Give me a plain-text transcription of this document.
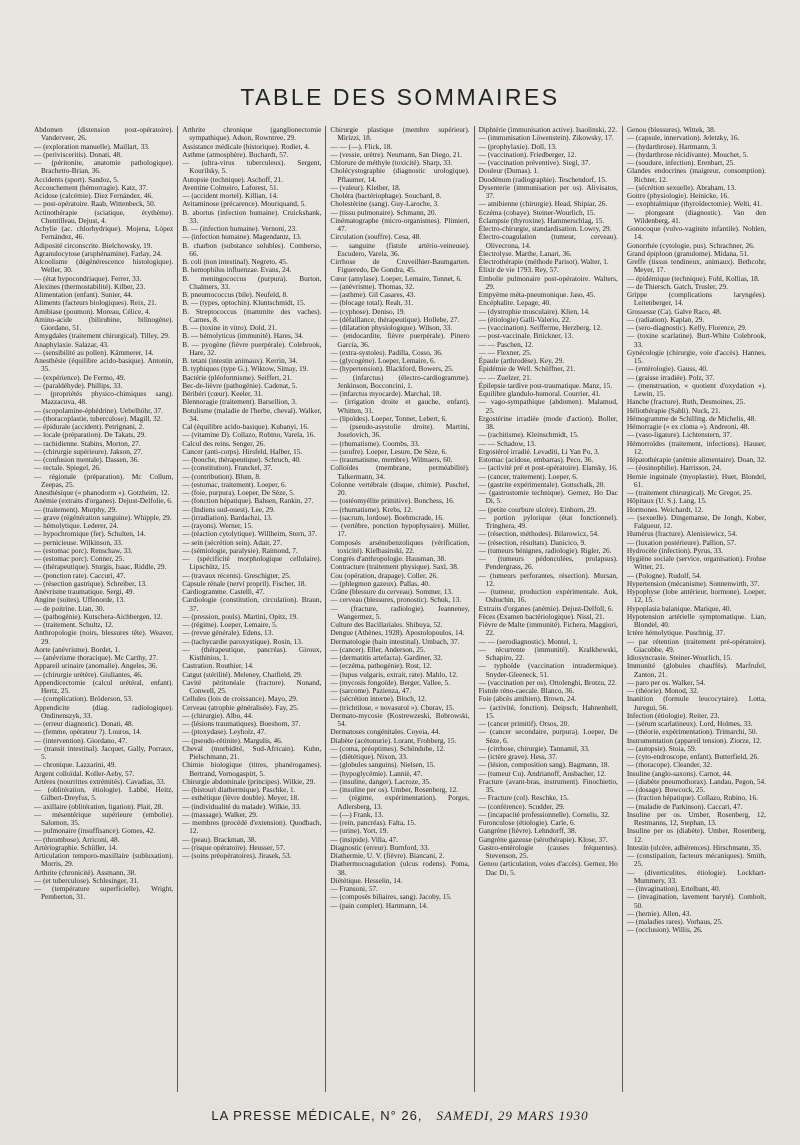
TABLE DES SOMMAIRES
Abdomen (distension post-opératoire). Vanderveer, 26.
— (exploration manuelle). Maillart, 33.
— (perivisceritis). Donati, 48.
— (péritonite, anatomie pathologique). Brachetto-Brian, 36.
Accidents (sport). Sandoz, 5.
Accouchement (hémorragie). Katz, 37.
Acidose (calcémie). Díez Fernández, 46.
— post-opératoire. Raab, Wittenbeck, 50.
Actinothérapie (sciatique, érythème). Chentilleau, Dejust, 4.
Achylie (ac. chlorhydrique). Mojena, López Fernández, 46.
Adiposité circonscrite. Bielchowsky, 19.
Agranulocytose (arsphénamine). Farlay, 24.
Alcoolisme (dégénérescence histologique). Weller, 30.
— (état hypocondriaque). Ferrer, 33.
Alexines (thermostabilité). Kilber, 23.
Alimentation (enfant). Sunier, 44.
Aliments (facteurs biologiques). Reix, 21.
Amibiase (poumon). Moreau, Célice, 4.
Amino-acide (bilirubine, bilinogène). Giordano, 51.
Amygdales (traitement chirurgical). Tilley, 29.
Anaphylaxie. Salazar, 43.
— (sensibilité au pollen). Kämmerer, 14.
Anesthésie (équilibre acido-basique). Antonin, 35.
— (expérience). De Fermo, 49.
— (paraldéhyde). Phillips, 33.
— (propriétés physico-chimiques sang). Mazzacuva, 48.
— (scopolamine-éphédrine). Uebelhöhr, 37.
— (thoracoplastie, tuberculose). Magill, 32.
— épidurale (accident). Petrignani, 2.
— locale (préparation). De Takats, 29.
— rachidienne. Stabins, Morton, 27.
— (chirurgie supérieure). Jakson, 27.
— (confusion mentale). Dassen, 36.
— rectale. Spiegel, 26.
— régionale (préparation). Mc Collum, Zeepas, 25.
Anesthésique (« phanodorm »). Gotzheim, 12.
Anémie (extraits d'organes). Dejust-Delfolie, 6.
— (traitement). Murphy, 29.
— grave (régénération sanguine). Whipple, 29.
— hémolytique. Lederer, 24.
— hypochromique (fer). Schulten, 14.
— pernicieuse. Wilkinson, 33.
— (estomac porc). Renschaw, 33.
— (estomac porc). Conner, 25.
— (thérapeutique). Sturgis, Isaac, Riddle, 29.
— (ponction rate). Caccuri, 47.
— (résection gastrique). Schreiber, 13.
Anévrisme traumatique. Sergi, 49.
Angine (suites). Uffenorde, 13.
— de poitrine. Lian, 30.
— (pathogénie). Kutschera-Aichbergen, 12.
— (traitement. Schultz, 12.
Anthropologie (noirs, blessures tête). Weaver, 29.
Aorte (anévrisme). Bordet, 1.
— (anévrisme thoracique). Mc Carthy, 27.
Appareil urinaire (anomalie). Angeles, 36.
— (chirurgie urétère). Giuliantes, 46.
Appendicectomie (calcul urétéral, enfant). Hertz, 25.
— (complication). Bröderson, 53.
Appendicite (diag. radiologique). Ondinenszyk, 33.
— (erreur diagnostic). Donati, 48.
— (femme, opérateur ?). Louros, 14.
— (intervention). Giordano, 47.
— (transit intestinal). Jacquet, Gally, Porraux, 5.
— chronique. Lazzarini, 49.
Argent colloïdal. Koller-Aeby, 57.
Artères (nourrittes extrémités). Cavadias, 33.
— (oblitération, étiologie). Labbé, Heitz, Gilbert-Dreyfus, 5.
— axillaire (oblitération, ligation). Plait, 28.
— mésentérique supérieure (embolie). Salomon, 35.
— pulmonaire (insuffisance). Gomes, 42.
— (thrombose). Arriconi, 48.
Artériographie. Schüller, 14.
Articulation temporo-maxillaire (subluxation). Morris, 29.
Arthrite (chronicité). Assmann, 38.
— (et tuberculose). Schlesinger, 31.
— (température superficielle). Wright, Pemberton, 31.
Arthrite chronique (ganglionectomie sympathique). Adson, Rowntree, 29.
Assistance médicale (historique). Rodiet, 4.
Asthme (atmosphère). Buchardt, 57.
— (ultra-virus tuberculeux). Sergent, Kourilsky, 5.
Autopsie (technique). Aschoff, 21.
Aventine Colmeiro, Laforest, 51.
— (accident mortel). Killian, 14.
Avitaminose (précarence). Mouriquand, 5.
B. abortus (infection humaine). Cruickshank, 33.
B. — (infection humaine). Vernoni, 23.
— (infection humaine). Magendantz, 13.
B. charbon (substance solubles). Comberso, 66.
B. coli (non intestinal). Negreto, 45.
B. hemophilus influenzae. Evans, 24.
B. meningococcus (purpura). Burton, Chalmers, 33.
B. pneumococcus (bile). Neufeld, 8.
B. — (types, optochin). Kluntschmidt, 15.
B. Streptococcus (mammite des vaches). Carnes, 8.
B. — (toxine in vitro). Dold, 21.
B. — hémolyticus (immunité). Hares, 34.
B. — pyogène (fièvre puerpérale). Colebrook, Hare, 32.
B. tetani (intestin animaux). Kerrin, 34.
B. typhiques (type G.). Wiktow, Simay, 19.
Bactérie (pléoformisme). Seiffert, 21.
Bec-de-lièvre (pathogénie). Cadenat, 5.
Béribéri (cœur). Keeler, 31.
Blennoragie (traitement). Barsellion, 3.
Botulisme (maladie de l'herbe, cheval). Walker, 34.
Cal (équilibre acido-basique). Kubanyi, 16.
— (vitamine D). Collazo, Rubino, Varela, 16.
Calcul des reins. Senger, 26.
Cancer (anti-corps). Hirsfeld, Halber, 15.
— (bouche, thérapeutique). Schruch, 40.
— (constitution). Franckel, 37.
— (contribution). Blum, 8.
— (estomac, traitement). Loeper, 6.
— (foie, purpura). Loeper, De Sèze, 5.
— (fonction hépatique). Bahsen, Rankin, 27.
— (Indiens sud-ouest). Lee, 29.
— (irradiation). Bardachzi, 13.
— (rayons). Werner, 15.
— (réaction cytolytique). Willheim, Stern, 37.
— sein (sécrétion sein). Adair, 27.
— (sémiologie, paralysie). Raimond, 7.
— (spécificité morphologique cellulaire). Lipschütz, 15.
— (travaux récents). Greschigter, 25.
Capsule rénale (nerví propril). Fischer, 18.
Cardiogramme. Castelli, 47.
Cardiologie (constitution, circulation). Braun, 37.
— (pression, pouls). Martini, Opitz, 19.
— (régime). Loeper, Lemaire, 5.
— (revue générale). Edens, 13.
— (tachycardie paroxystique). Rosin, 13.
— (thérapeutique, pancréas). Giroux, Kisthinios, 1.
Castration. Routhier, 14.
Catgut (stérilité). Meleney, Chatfield, 29.
Cavité péritonéale (fracture). Nonand, Conwell, 25.
Cellules (lois de croissance). Mayo, 29.
Cerveau (atrophie généralisée). Fay, 25.
— (chirurgie). Albo, 44.
— (lésions traumatiques). Boeshorn, 37.
— (ptoxydase). Leyholz, 47.
— (pseudo-rétinite). Margulis, 46.
Cheval (morbidité, Sud-Africain). Kuhn, Pielschmann, 21.
Chimie biologique (titres, phanérogames). Bertrand, Vornogaspirt, 5.
Chirurgie abdominale (principes). Wilkie, 29.
— (bistouri diathermique). Paschke, 1.
— esthétique (lèvre double). Meyer, 18.
— (individualité du malade). Wilkie, 33.
— (massage). Walker, 29.
— membres (procédé d'extension). Quodbach, 12.
— (peau). Brackman, 38.
— (risque opératoire). Heusser, 57.
— (soins préopératoires). Jirasek, 53.
Chirurgie plastique (membre supérieur). Mirizzi, 18.
— — (—). Flick, 18.
— (vessie, urètre). Neumann, San Diego, 21.
Chlorure de méthyle (toxicité). Sharp, 33.
Cholécystographie (diagnostic urologique). Pflaumer, 14.
— (valeur). Kleiber, 18.
Choléra (bactériophage). Souchard, 8.
Cholestérine (sang). Guy-Laroche, 3.
— (tissu pulmonaire). Schmann, 20.
Cinématographe (micro-organismes). Plimieri, 47.
Circulation (souffre). Cesa, 48.
— sanguine (fistule artério-veineuse). Escudero, Varela, 36.
Cirrhose de Cruveilhier-Baumgarten. Figueredo, De Gondra, 45.
Cœur (amylase). Loeper, Lemaire, Tonnet, 6.
— (anévrisme). Thomas, 32.
— (asthme). Gil Casares, 43.
— (blocage total). Reah, 31.
— (cyphose). Deniso, 19.
— (défaillance, thérapeutique). Hollebe, 27.
— (dilatation physiologique). Wilson, 33.
— (endocardite, fièvre puerpérale). Pinero García, 36.
— (extra-systoles). Padilla, Cosso, 36.
— (glycogène). Loeper, Lemaire, 6.
— (hypertension). Blackford, Bowers, 25.
— (infarctus) (électro-cardiogramme). Jenkinson, Bocconcini, 1.
— (infarctus myocarde). Marchal, 18.
— (irrigation droite et gauche, enfant). Whitten, 31.
— (lipoïdes). Loeper, Tonnet, Lebert, 6.
— (pseudo-asystolie droite). Martini, Joselovich, 36.
— (rhumatisme). Coombs, 33.
— (soufre). Loeper, Lesure, De Sèze, 6.
— (traumatisme, membre). Wilmaers, 60.
Colloïdes (membrane, perméabilité). Talkermann, 34.
Colonne vertébrale (disque, chimie). Puschel, 20.
— (ostéomyélite primitive). Bonchess, 16.
— (rhumatisme). Krebs, 12.
— (sacrum, lordose). Boehmcrade, 16.
— (vertèbre, ponction hypophysaire). Müller, 17.
Composés arsénobenzoliques (vérification, toxicité). Kielbasinski, 22.
Congrès d'anthropologie. Hausman, 38.
Contracture (traitement physique). Saxl, 38.
Cou (opération, drapage). Coller, 26.
— (phlegmon gazeux). Pallas, 40.
Crâne (blessure du cerveau). Sommer, 13.
— cerveau (blessures, pronostic). Schuk, 13.
— (fracture, radiologie). Jeanneney, Wangermez, 5.
Culture des Bacillariales. Shibuya, 52.
Dengue (Athènes, 1928). Apostolopoulos, 14.
Dermatologie (bain intestinal). Umbach, 37.
— (cancer). Eller, Anderson, 25.
— (dermatitis artefacta). Gardiner, 32.
— (eczéma, pathogénie). Rost, 12.
— (lupus vulgaris, extrait, rate). Mahlo, 12.
— (mycosis fongoïde). Berger, Vallee, 5.
— (sarcome). Pazienza, 47.
— (sécrétion interne). Bloch, 12.
— (trichtilose, « novasurol »). Churav, 15.
Dermato-mycosie (Kostrewzeski, Bobrowski, 54.
Dermatoses congénitales. Coyeia, 44.
Diabète (acétonurie). Lorant, Frohberg, 15.
— (coma, préoptimes). Schöndube, 12.
— (diététique). Nixon, 33.
— (globules sanguins). Nielsen, 15.
— (hypoglycémie). Lanniè, 47.
— (insuline, danger). Lacroze, 35.
— (insuline per os). Umber, Rosenberg, 12.
— (régime, expérimentation). Porges, Adlersberg, 13.
— (—) Frank, 13.
— (rein, pancréas). Falta, 15.
— (urine). Yort, 19.
— (insipide). Villa, 47.
Diagnostic (erreur). Burnford, 33.
Diathermie, U. V. (fièvre). Biancani, 2.
Diathermocoagulation (ulcus rodens). Poma, 38.
Diététique. Hesselin, 14.
— Fransoni, 57.
— (composés biliaires, sang). Jacoby, 15.
— (pain complet). Hartmann, 14.
Diphtérie (immunisation active). Isaolinski, 22.
— (immunisation Löwenstein). Zikowsky, 17.
— (prophylaxie). Doll, 13.
— (vaccination). Friedberger, 12.
— (vaccination préventive). Siegl, 37.
Douleur (Dumas). 1.
Duodénum (radiographie). Teschendorf, 15.
Dysenterie (immunisation per os). Alivisatos, 37.
— amibienne (chirurgie). Head, Shipiar, 26.
Eczéma (cobaye). Steiner-Wourlich, 15.
Éclampsie (thyroxine). Hammerschlag, 15.
Électro-chirurgie, standardisation. Lowry, 29.
Électro-coagulation (tumeur, cerveau). Olivecrona, 14.
Électrolyse. Marthe, Lanari, 36.
Électrothérapie (méthode Parisot). Walter, 1.
Élixir de vie 1793. Rey, 57.
Embolie pulmonaire post-opératoire. Walters, 29.
Empyème méta-pneumonique. Jaso, 45.
Encéphalite. Lepage, 40.
— (dystrophie musculaire). Klien, 14.
— (étiologie) Galli-Valerio, 22.
— (vaccination). Seifferme, Herzberg, 12.
— post-vaccinale. Brückner, 13.
— — Paschen, 12.
— — Flexner, 25.
Épaule (arthrodèse). Key, 29.
Épidémie de Well. Schüffner, 21.
— — Zuelzer, 21.
Épilepsie tardive post-traumatique. Manz, 15.
Équilibre glandulo-humoral. Courrier, 41.
— vago-sympathique (abdomen). Malamud, 25.
Ergostérine irradiée (mode d'action). Boller, 38.
— (rachitisme). Kleinschmidt, 15.
— — Schadow, 13.
Ergostérol irradié. Levaditi, Li Yan Po, 3.
Estomac (acidose, embarras). Peco, 36.
— (activité pré et post-opératoire). Elansky, 16.
— (cancer, traitement). Loeper, 6.
— (gastrite expérimentale). Gottschalk, 20.
— (gastrostomie technique). Gernez, Ho Dac Di, 5.
— (petite courbure ulcère). Einhorn, 29.
— portion pylorique (état fonctionnel). Tringhera, 49.
— (résection, méthodes). Bilarowicz, 54.
— (résection, résultats). Danicico, 9.
— (tumeurs bénignes, radiologie). Rigler, 26.
— (tumeurs pédonculées, prolapsus). Pendergrass, 26.
— (tumeurs perforantes, résection). Mursan, 12.
— (tumeur, production expérimentale. Auk, Oshuchin, 16.
Extraits d'organes (anémie). Dejust-Delfoll, 6.
Fèces (Examen bactériologique). Nissl, 21.
Fièvre de Malte (immunité). Fichera, Maggiori, 22.
— — (serodiagnostic). Montel, 1.
— récurrente (immunité). Kralkhewski, Schapiro, 22.
— typhoïde (vaccination intradermique). Snyder-Gleeneck, 51.
— (vaccination per os). Ottolenghi, Brotzu, 22.
Fistule réno-caecale. Blanco, 36.
Foie (abcès amibien). Brown, 24.
— (activité, fonction). Deipsch, Hahnenhell, 15.
— (cancer primitif). Orsos, 20.
— (cancer secondaire, purpura). Loeper, De Sèze, 6.
— (cirrhose, chirurgie). Tannamil, 33.
— (ictère grave). Hess, 37.
— (lésion, composition sang). Bagmann, 18.
— (tumeur Cu). Andrianoff, Ausbacher, 12.
Fracture (avant-bras, instrument). Finochietto, 35.
— Fracture (col). Reschke, 15.
— (conférence). Scudder, 29.
— (incapacité professionnelle). Cornelis, 32.
Furonculose (étiologie). Carle, 6.
Gangrène (fièvre). Lehndorff, 38.
Gangrène gazeuse (sérothérapie). Klose, 37.
Gastro-entérologie (causes fréquentes). Stevenson, 25.
Genou (articulation, voies d'accès). Gernez, Ho Dac Di, 5.
Genou (blessures). Wittek, 38.
— (capsule, innervation). Jeletzky, 16.
— (hydarthrose). Hartmann, 3.
— (hydarthrose récidivante). Mouchet, 5.
— (soudure, infection). Erenbart, 25.
Glandes endocrines (maigreur, consomption). Richter, 12.
— (sécrétion sexuelle). Abraham, 13.
Goitre (physiologie). Heinicke, 16.
— exophtalmique (thyroïdectomie). Welti, 41.
— plongeant (diagnostic). Van den Wildenberg, 41.
Gonocoque (vulvo-vaginite infantile). Nohlen, 14.
Gonorrhée (cytologie, pus). Schrachner, 26.
Grand épiploon (granulome). Midana, 51.
Greffe (tissus tendineux, animaux). Bethcohr, Meyer, 17.
— épidémique (technique). Fohl, Kollias, 18.
— de Thiersch. Gatch, Trusler, 29.
Grippe (complications laryngées). Leitenberger, 14.
Grossesse (Ca). Galve Raco, 48.
— (radiation). Kaplan, 29.
— (sero-diagnostic). Kelly, Florence, 29.
— (toxine scarlatine). Burt-White Colebrook, 33.
Gynécologie (chirurgie, voie d'accès). Hannes, 15.
— (entérologie). Gauss, 40.
— (graisse irradiée). Polz, 37.
— (menstruation, « quotient d'oxydation »). Lewin, 15.
Hanche (fracture). Ruth, Desmoines, 25.
Héliothérapie (Sahli). Nuck, 21.
Hémogramme de Schilling. de Michelis, 48.
Hémorragie (« ex cloma »). Andreoni, 48.
— (vaso-ligature). Lichtenstern, 37.
Hémorroïdes (traitement, infections). Hauser, 12.
Hépatothérapie (anémie alimentaire). Doan, 32.
— (éosinophilie). Harrisson, 24.
Hernie inguinale (myoplastie). Huet, Blondel, 61.
— (traitement chirurgical). Mc Gregor, 25.
Hôpitaux (U. S.). Lang, 15.
Hormones. Weichardt, 12.
— (sexuelle). Dingemanse, De Jongh, Kober, Falgueur, 12.
Humérus (fracture). Alenisiewicz, 54.
— (luxation postérieure). Pallion, 57.
Hydrocèle (infection). Pyrus, 33.
Hygiène sociale (service, organisation). Frohse Witter, 21.
— (Pologne). Rudolf, 54.
Hypertension (mécanisme). Sonnenwirth, 37.
Hypophyse (lobe antérieur, hormone). Loeper, 12, 15.
Hypoplasia balanique. Marique, 40.
Hypotension artérielle symptomatique. Lian, Blondel, 40.
Ictère hémolytique. Puschnig, 37.
— par rétention (traitement pré-opératoire). Giacobbe, 49.
Idiosyncrasie. Steiner-Wourlich, 15.
Immunité (globules chauffés). Marfrufel, Zanton, 21.
— paro per os. Walker, 54.
— (théorie). Monod, 32.
Inanition (formule leucocytaire). Lotta, Juregui, 56.
Infection (étiologie). Reiter, 23.
— (sérum scarlatineux). Lord, Holmes, 33.
— (théorie, expérimentation). Trimarchi, 50.
Instrumentation (appareil tension). Ziorze, 12.
— (autopsie). Stoia, 59.
— (cyto-endroscope, enfant). Butterfield, 26.
— (thoracope). Cleander, 32.
Insuline (anglo-saxons). Carnot, 44.
— (diabète pneumothorax). Landau, Pegon, 54.
— (dosage). Bowcock, 25.
— (fraction hépatique). Collazo, Rubino, 16.
— (maladie de Parkinson). Caccari, 47.
Insuline per os. Umber, Rosenberg, 12, Restmanns, 12, Stephan, 13.
Insuline per os (diabète). Umber, Rosenberg, 12.
Intestin (ulcère, adhérences). Hirschmann, 35.
— (constipation, facteurs mécaniques). Smith, 25.
— (diverticulites, étiologie). Lockhart-Mummery, 33.
— (invagination). Ertelbant, 40.
— (invagination, lavement baryté). Combolt, 50.
— (hernie). Allen, 43.
— (maladies rares). Vorhaus, 25.
— (occlusion). Willis, 26.
LA PRESSE MÉDICALE, N° 26, SAMEDI, 29 MARS 1930
